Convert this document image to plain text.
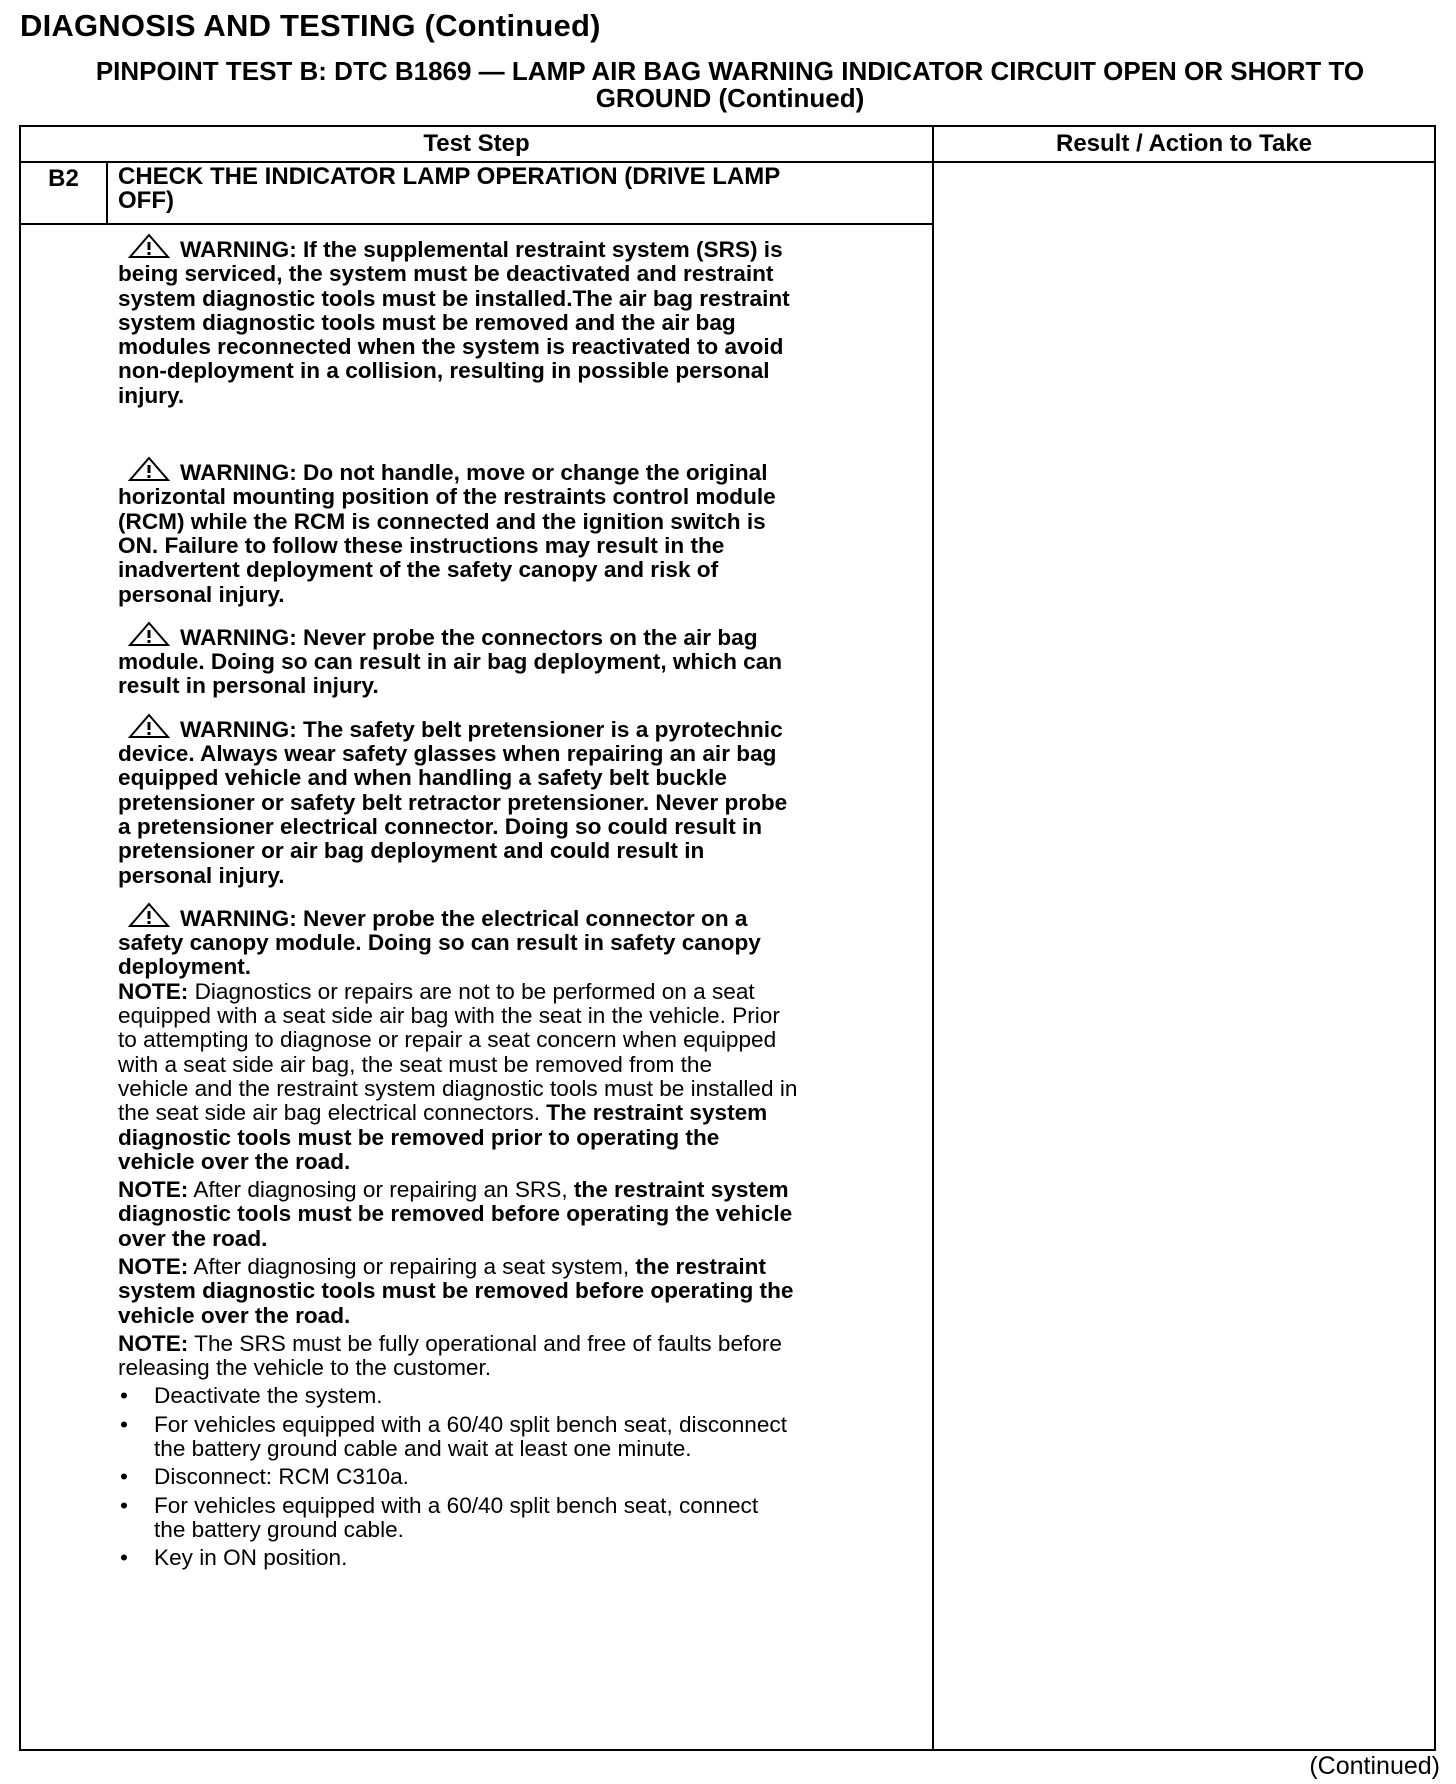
DIAGNOSIS AND TESTING (Continued)
PINPOINT TEST B: DTC B1869 — LAMP AIR BAG WARNING INDICATOR CIRCUIT OPEN OR SHORT TO
GROUND (Continued)
Test Step	Result / Action to Take
B2	CHECK THE INDICATOR LAMP OPERATION (DRIVE LAMP
OFF)
WARNING: If the supplemental restraint system (SRS) is
being serviced, the system must be deactivated and restraint
system diagnostic tools must be installed.The air bag restraint
system diagnostic tools must be removed and the air bag
modules reconnected when the system is reactivated to avoid
non-deployment in a collision, resulting in possible personal
injury.
WARNING: Do not handle, move or change the original
horizontal mounting position of the restraints control module
(RCM) while the RCM is connected and the ignition switch is
ON. Failure to follow these instructions may result in the
inadvertent deployment of the safety canopy and risk of
personal injury.
WARNING: Never probe the connectors on the air bag
module. Doing so can result in air bag deployment, which can
result in personal injury.
WARNING: The safety belt pretensioner is a pyrotechnic
device. Always wear safety glasses when repairing an air bag
equipped vehicle and when handling a safety belt buckle
pretensioner or safety belt retractor pretensioner. Never probe
a pretensioner electrical connector. Doing so could result in
pretensioner or air bag deployment and could result in
personal injury.
WARNING: Never probe the electrical connector on a
safety canopy module. Doing so can result in safety canopy
deployment.
NOTE: Diagnostics or repairs are not to be performed on a seat
equipped with a seat side air bag with the seat in the vehicle. Prior
to attempting to diagnose or repair a seat concern when equipped
with a seat side air bag, the seat must be removed from the
vehicle and the restraint system diagnostic tools must be installed in
the seat side air bag electrical connectors. The restraint system
diagnostic tools must be removed prior to operating the
vehicle over the road.
NOTE: After diagnosing or repairing an SRS, the restraint system
diagnostic tools must be removed before operating the vehicle
over the road.
NOTE: After diagnosing or repairing a seat system, the restraint
system diagnostic tools must be removed before operating the
vehicle over the road.
NOTE: The SRS must be fully operational and free of faults before
releasing the vehicle to the customer.
• Deactivate the system.
• For vehicles equipped with a 60/40 split bench seat, disconnect
the battery ground cable and wait at least one minute.
• Disconnect: RCM C310a.
• For vehicles equipped with a 60/40 split bench seat, connect
the battery ground cable.
• Key in ON position.
(Continued)
